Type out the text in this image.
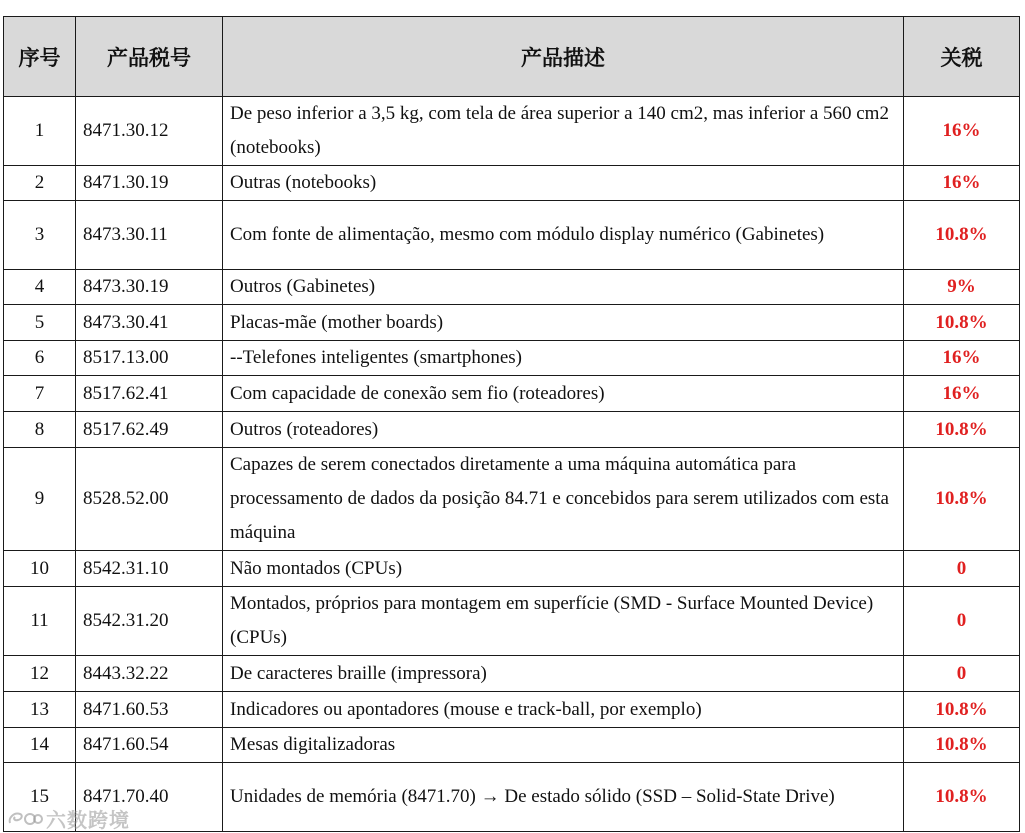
序号	产品税号	产品描述	关税
1	8471.30.12	De peso inferior a 3,5 kg, com tela de área superior a 140 cm2, mas inferior a 560 cm2 (notebooks)	16%
2	8471.30.19	Outras (notebooks)	16%
3	8473.30.11	Com fonte de alimentação, mesmo com módulo display numérico (Gabinetes)	10.8%
4	8473.30.19	Outros (Gabinetes)	9%
5	8473.30.41	Placas-mãe (mother boards)	10.8%
6	8517.13.00	--Telefones inteligentes (smartphones)	16%
7	8517.62.41	Com capacidade de conexão sem fio (roteadores)	16%
8	8517.62.49	Outros (roteadores)	10.8%
9	8528.52.00	Capazes de serem conectados diretamente a uma máquina automática para processamento de dados da posição 84.71 e concebidos para serem utilizados com esta máquina	10.8%
10	8542.31.10	Não montados (CPUs)	0
11	8542.31.20	Montados, próprios para montagem em superfície (SMD - Surface Mounted Device) (CPUs)	0
12	8443.32.22	De caracteres braille (impressora)	0
13	8471.60.53	Indicadores ou apontadores (mouse e track-ball, por exemplo)	10.8%
14	8471.60.54	Mesas digitalizadoras	10.8%
15	8471.70.40	Unidades de memória (8471.70) → De estado sólido (SSD – Solid-State Drive)	10.8%
六数跨境
